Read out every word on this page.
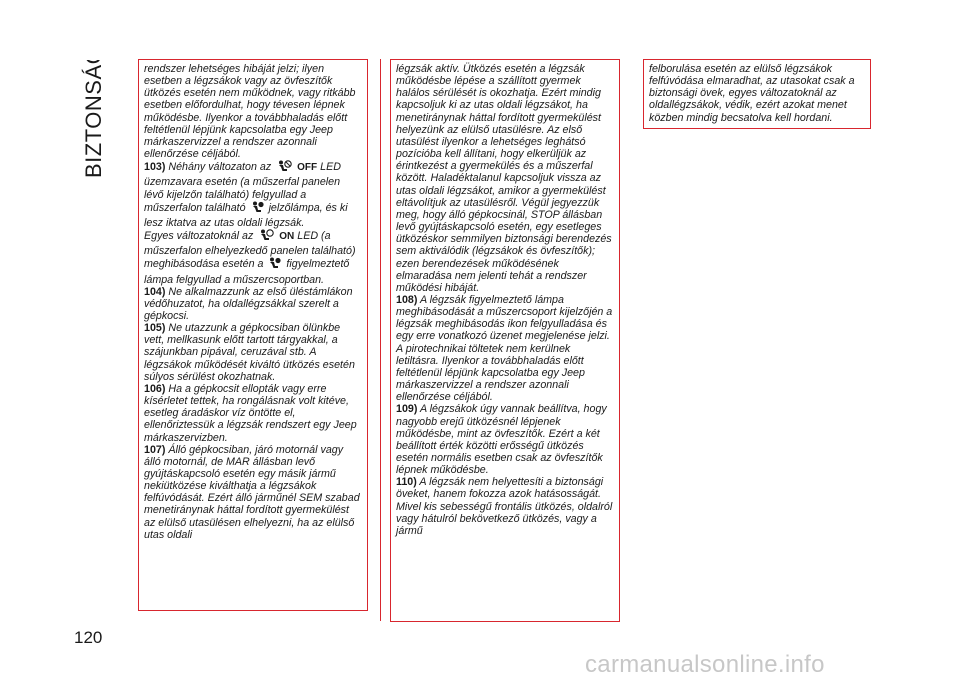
BIZTONSÁG	rendszer lehetséges hibáját jelzi; ilyen esetben a légzsákok vagy az övfeszítők ütközés esetén nem működnek, vagy ritkább esetben előfordulhat, hogy tévesen lépnek működésbe. Ilyenkor a továbbhaladás előtt feltétlenül lépjünk kapcsolatba egy Jeep márkaszervizzel a rendszer azonnali ellenőrzése céljából.

103) Néhány változaton az	OFF LED üzemzavara esetén (a műszerfal panelen lévő kijelzőn található) felgyullad a műszerfalon található jelzőlámpa, és ki lesz iktatva az utas oldali légzsák.

Egyes változatoknál az	ON LED (a műszerfalon elhelyezkedő panelen található) meghibásodása esetén a figyelmeztető lámpa felgyullad a műszercsoportban.

104) Ne alkalmazzunk az első üléstámlákon védőhuzatot, ha oldallégzsákkal szerelt a gépkocsi.

105) Ne utazzunk a gépkocsiban ölünkbe vett, mellkasunk előtt tartott tárgyakkal, a szájunkban pipával, ceruzával stb. A légzsákok működését kiváltó ütközés esetén súlyos sérülést okozhatnak.

106) Ha a gépkocsit ellopták vagy erre kísérletet tettek, ha rongálásnak volt kitéve, esetleg áradáskor víz öntötte el, ellenőriztessük a légzsák rendszert egy Jeep márkaszervizben.

107) Álló gépkocsiban, járó motornál vagy álló motornál, de MAR állásban levő gyújtáskapcsoló esetén egy másik jármű nekiütközése kiválthatja a légzsákok felfúvódását. Ezért álló járműnél SEM szabad menetiránynak háttal fordított gyermekülést az elülső utasülésen elhelyezni, ha az elülső utas oldali

légzsák aktív. Ütközés esetén a légzsák működésbe lépése a szállított gyermek halálos sérülését is okozhatja. Ezért mindig kapcsoljuk ki az utas oldali légzsákot, ha menetiránynak háttal fordított gyermekülést helyezünk az elülső utasülésre. Az első utasülést ilyenkor a lehetséges leghátsó pozícióba kell állítani, hogy elkerüljük az érintkezést a gyermekülés és a műszerfal között. Haladéktalanul kapcsoljuk vissza az utas oldali légzsákot, amikor a gyermekülést eltávolítjuk az utasülésről. Végül jegyezzük meg, hogy álló gépkocsinál, STOP állásban levő gyújtáskapcsoló esetén, egy esetleges ütközéskor semmilyen biztonsági berendezés sem aktiválódik (légzsákok és övfeszítők); ezen berendezések működésének elmaradása nem jelenti tehát a rendszer működési hibáját.

108) A légzsák figyelmeztető lámpa meghibásodását a műszercsoport kijelzőjén a légzsák meghibásodás ikon felgyulladása és egy erre vonatkozó üzenet megjelenése jelzi. A pirotechnikai töltetek nem kerülnek letiltásra. Ilyenkor a továbbhaladás előtt feltétlenül lépjünk kapcsolatba egy Jeep márkaszervizzel a rendszer azonnali ellenőrzése céljából.

109) A légzsákok úgy vannak beállítva, hogy nagyobb erejű ütközésnél lépjenek működésbe, mint az övfeszítők. Ezért a két beállított érték közötti erősségű ütközés esetén normális esetben csak az övfeszítők lépnek működésbe.

110) A légzsák nem helyettesíti a biztonsági öveket, hanem fokozza azok hatásosságát. Mivel kis sebességű frontális ütközés, oldalról vagy hátulról bekövetkező ütközés, vagy a jármű

felborulása esetén az elülső légzsákok felfúvódása elmaradhat, az utasokat csak a biztonsági övek, egyes változatoknál az oldallégzsákok, védik, ezért azokat menet közben mindig becsatolva kell hordani.

120
carmanualsonline.info
